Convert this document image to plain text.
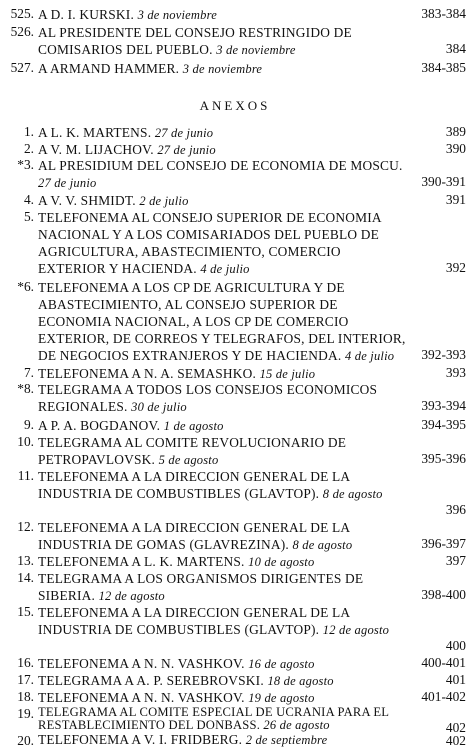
525. A D. I. KURSKI. 3 de noviembre	383-384
526. AL PRESIDENTE DEL CONSEJO RESTRINGIDO DE COMISARIOS DEL PUEBLO. 3 de noviembre	384
527. A ARMAND HAMMER. 3 de noviembre	384-385
ANEXOS
1. A L. K. MARTENS. 27 de junio	389
2. A V. M. LIJACHOV. 27 de junio	390
*3. AL PRESIDIUM DEL CONSEJO DE ECONOMIA DE MOSCU. 27 de junio	390-391
4. A V. V. SHMIDT. 2 de julio	391
5. TELEFONEMA AL CONSEJO SUPERIOR DE ECONOMIA NACIONAL Y A LOS COMISARIADOS DEL PUEBLO DE AGRICULTURA, ABASTECIMIENTO, COMERCIO EXTERIOR Y HACIENDA. 4 de julio	392
*6. TELEFONEMA A LOS CP DE AGRICULTURA Y DE ABASTECIMIENTO, AL CONSEJO SUPERIOR DE ECONOMIA NACIONAL, A LOS CP DE COMERCIO EXTERIOR, DE CORREOS Y TELEGRAFOS, DEL INTERIOR, DE NEGOCIOS EXTRANJEROS Y DE HACIENDA. 4 de julio	392-393
7. TELEFONEMA A N. A. SEMASHKO. 15 de julio	393
*8. TELEGRAMA A TODOS LOS CONSEJOS ECONOMICOS REGIONALES. 30 de julio	393-394
9. A P. A. BOGDANOV. 1 de agosto	394-395
10. TELEGRAMA AL COMITE REVOLUCIONARIO DE PETROPAVLOVSK. 5 de agosto	395-396
11. TELEFONEMA A LA DIRECCION GENERAL DE LA INDUSTRIA DE COMBUSTIBLES (GLAVTOP). 8 de agosto
396
12. TELEFONEMA A LA DIRECCION GENERAL DE LA INDUSTRIA DE GOMAS (GLAVREZINA). 8 de agosto	396-397
13. TELEFONEMA A L. K. MARTENS. 10 de agosto	397
14. TELEGRAMA A LOS ORGANISMOS DIRIGENTES DE SIBERIA. 12 de agosto	398-400
15. TELEFONEMA A LA DIRECCION GENERAL DE LA INDUSTRIA DE COMBUSTIBLES (GLAVTOP). 12 de agosto
400
16. TELEFONEMA A N. N. VASHKOV. 16 de agosto	400-401
17. TELEGRAMA A A. P. SEREBROVSKI. 18 de agosto	401
18. TELEFONEMA A N. N. VASHKOV. 19 de agosto	401-402
19. TELEGRAMA AL COMITE ESPECIAL DE UCRANIA PARA EL RESTABLECIMIENTO DEL DONBASS. 26 de agosto	402
20. TELEFONEMA A V. I. FRIDBERG. 2 de septiembre	402
